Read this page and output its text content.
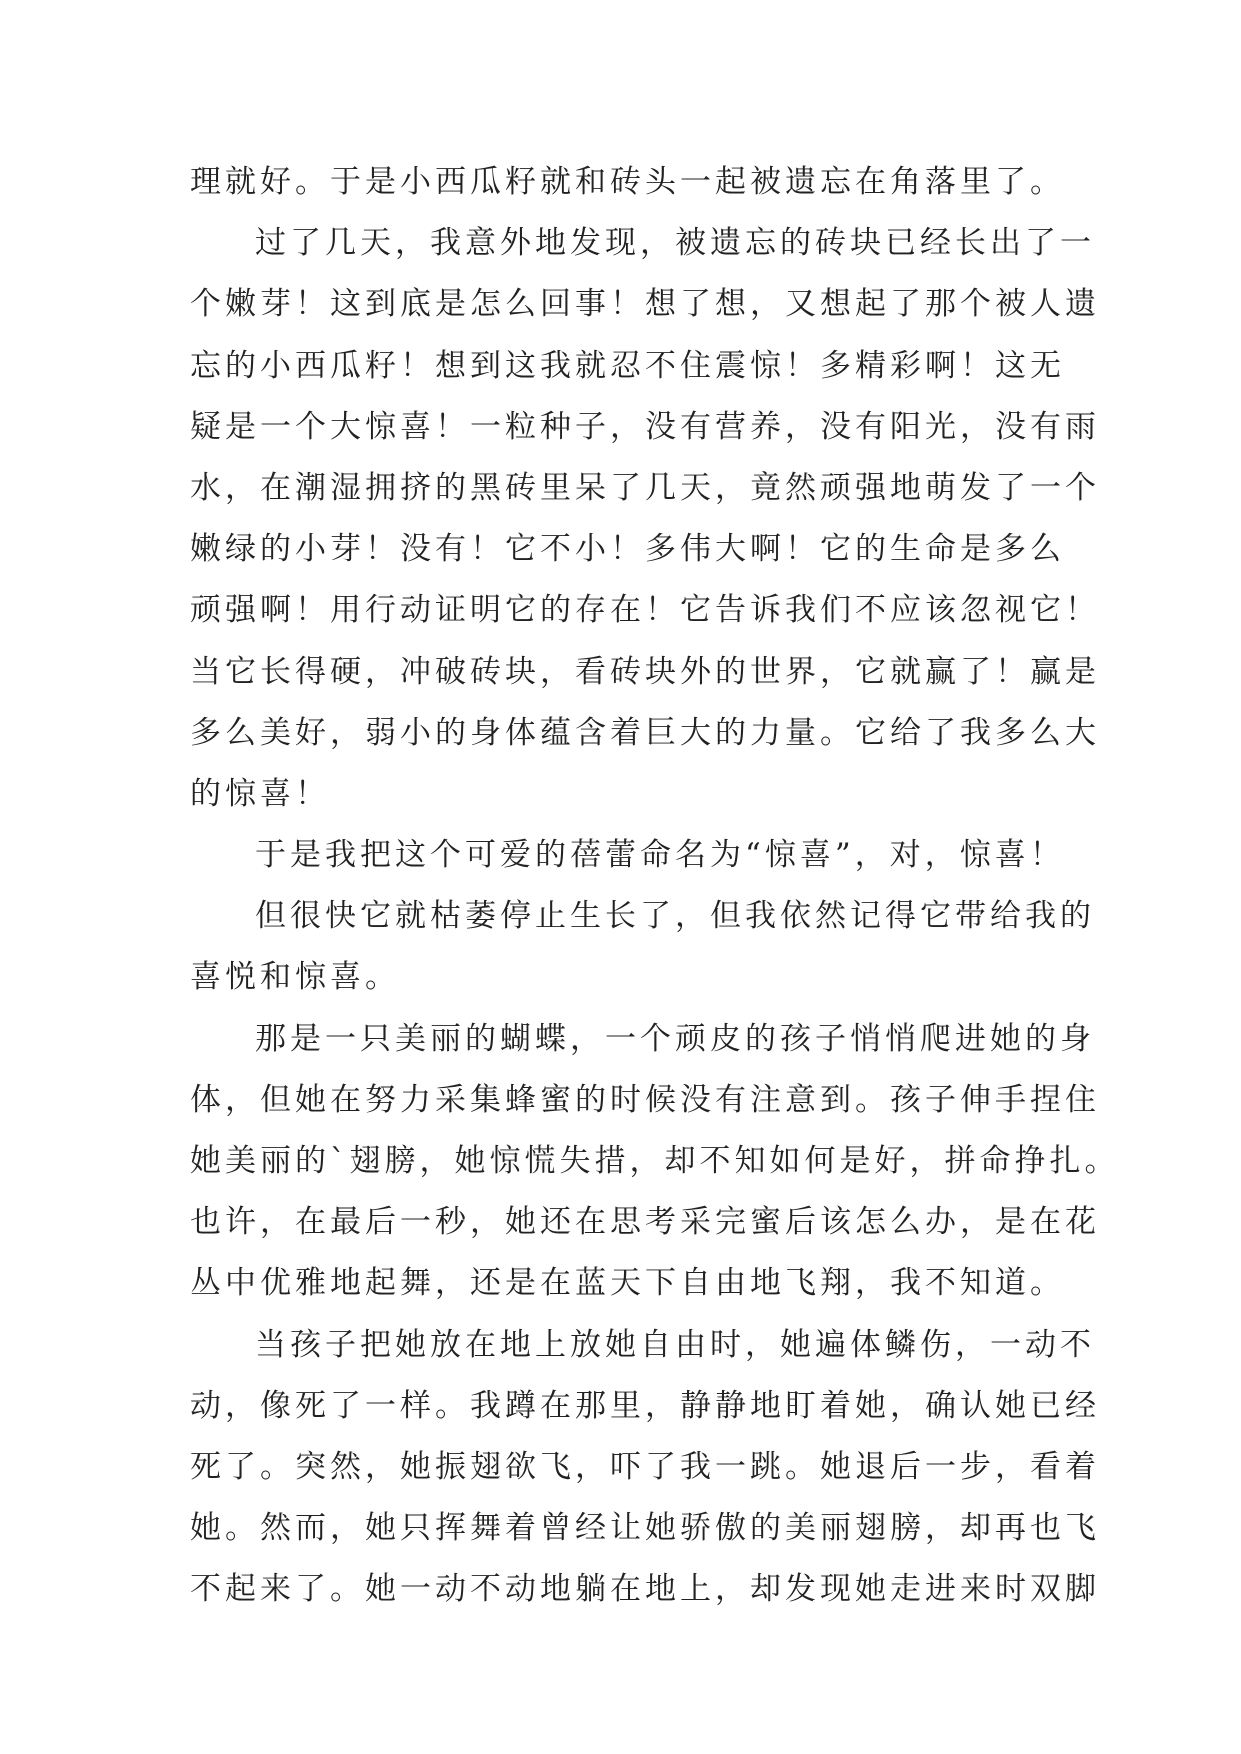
理就好。于是小西瓜籽就和砖头一起被遗忘在角落里了。
过了几天，我意外地发现，被遗忘的砖块已经长出了一
个嫩芽！这到底是怎么回事！想了想，又想起了那个被人遗
忘的小西瓜籽！想到这我就忍不住震惊！多精彩啊！这无
疑是一个大惊喜！一粒种子，没有营养，没有阳光，没有雨
水，在潮湿拥挤的黑砖里呆了几天，竟然顽强地萌发了一个
嫩绿的小芽！没有！它不小！多伟大啊！它的生命是多么
顽强啊！用行动证明它的存在！它告诉我们不应该忽视它！
当它长得硬，冲破砖块，看砖块外的世界，它就赢了！赢是
多么美好，弱小的身体蕴含着巨大的力量。它给了我多么大
的惊喜！
于是我把这个可爱的蓓蕾命名为“惊喜”，对，惊喜！
但很快它就枯萎停止生长了，但我依然记得它带给我的
喜悦和惊喜。
那是一只美丽的蝴蝶，一个顽皮的孩子悄悄爬进她的身
体，但她在努力采集蜂蜜的时候没有注意到。孩子伸手捏住
她美丽的`翅膀，她惊慌失措，却不知如何是好，拼命挣扎。
也许，在最后一秒，她还在思考采完蜜后该怎么办，是在花
丛中优雅地起舞，还是在蓝天下自由地飞翔，我不知道。
当孩子把她放在地上放她自由时，她遍体鳞伤，一动不
动，像死了一样。我蹲在那里，静静地盯着她，确认她已经
死了。突然，她振翅欲飞，吓了我一跳。她退后一步，看着
她。然而，她只挥舞着曾经让她骄傲的美丽翅膀，却再也飞
不起来了。她一动不动地躺在地上，却发现她走进来时双脚
